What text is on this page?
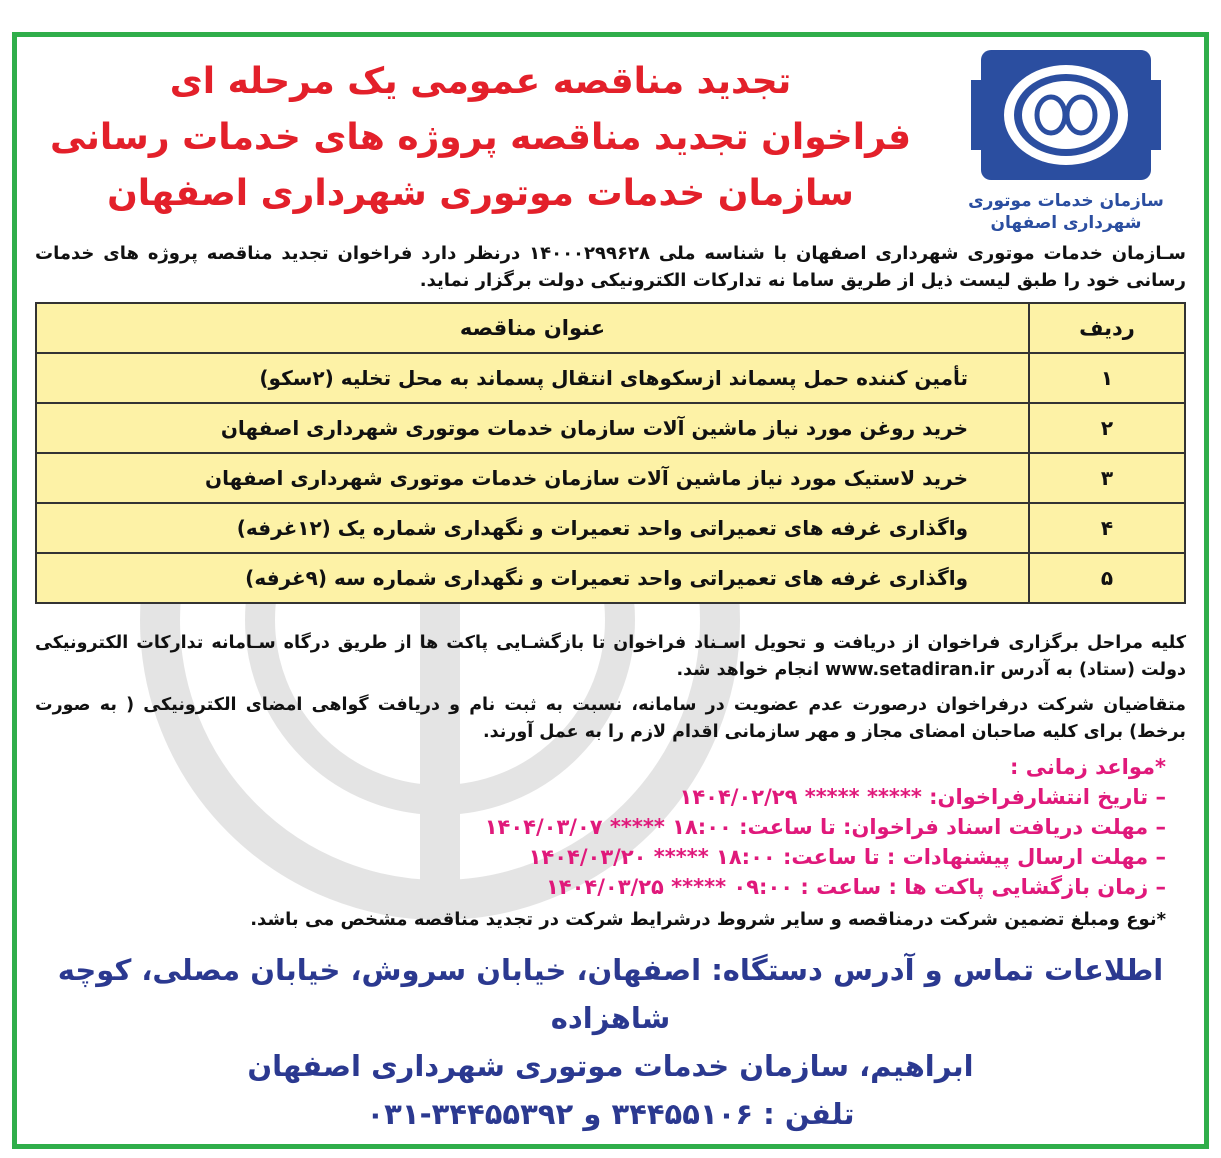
سازمان خدمات موتوری
شهرداری اصفهان
تجدید مناقصه عمومی یک مرحله ای
فراخوان تجدید مناقصه پروژه های خدمات رسانی
سازمان خدمات موتوری شهرداری اصفهان
سـازمان خدمات موتوری شهرداری اصفهان با شناسه ملی ۱۴۰۰۰۲۹۹۶۲۸ درنظر دارد فراخوان تجدید مناقصه پروژه های خدمات رسانی خود را طبق لیست ذیل از طریق ساما نه تدارکات الکترونیکی دولت برگزار نماید.
ردیف	عنوان مناقصه
۱	تأمین کننده حمل پسماند ازسکوهای انتقال پسماند به محل تخلیه (۲سکو)
۲	خرید روغن مورد نیاز ماشین آلات سازمان خدمات موتوری شهرداری اصفهان
۳	خرید لاستیک مورد نیاز ماشین آلات سازمان خدمات موتوری شهرداری اصفهان
۴	واگذاری غرفه های تعمیراتی واحد تعمیرات و نگهداری شماره یک (۱۲غرفه)
۵	واگذاری غرفه های تعمیراتی واحد تعمیرات و نگهداری شماره سه (۹غرفه)
کلیه مراحل برگزاری فراخوان از دریافت و تحویل اسـناد فراخوان تا بازگشـایی پاکت ها از طریق درگاه سـامانه تدارکات الکترونیکی دولت (ستاد) به آدرس www.setadiran.ir انجام خواهد شد.
متقاضیان شرکت درفراخوان درصورت عدم عضویت در سامانه، نسبت به ثبت نام و دریافت گواهی امضای الکترونیکی ( به صورت برخط) برای کلیه صاحبان امضای مجاز و مهر سازمانی اقدام لازم را به عمل آورند.
*مواعد زمانی :
– تاریخ انتشارفراخوان: ***** ***** ۱۴۰۴/۰۲/۲۹
– مهلت دریافت اسناد فراخوان: تا ساعت: ۱۸:۰۰ ***** ۱۴۰۴/۰۳/۰۷
– مهلت ارسال پیشنهادات : تا ساعت: ۱۸:۰۰ ***** ۱۴۰۴/۰۳/۲۰
– زمان بازگشایی پاکت ها : ساعت : ۰۹:۰۰ ***** ۱۴۰۴/۰۳/۲۵
*نوع ومبلغ تضمین شرکت درمناقصه و سایر شروط درشرایط شرکت در تجدید مناقصه مشخص می باشد.
اطلاعات تماس و آدرس دستگاه: اصفهان، خیابان سروش، خیابان مصلی، کوچه شاهزاده
ابراهیم، سازمان خدمات موتوری شهرداری اصفهان
تلفن : ۳۴۴۵۵۱۰۶ و ۳۴۴۵۵۳۹۲-۰۳۱
